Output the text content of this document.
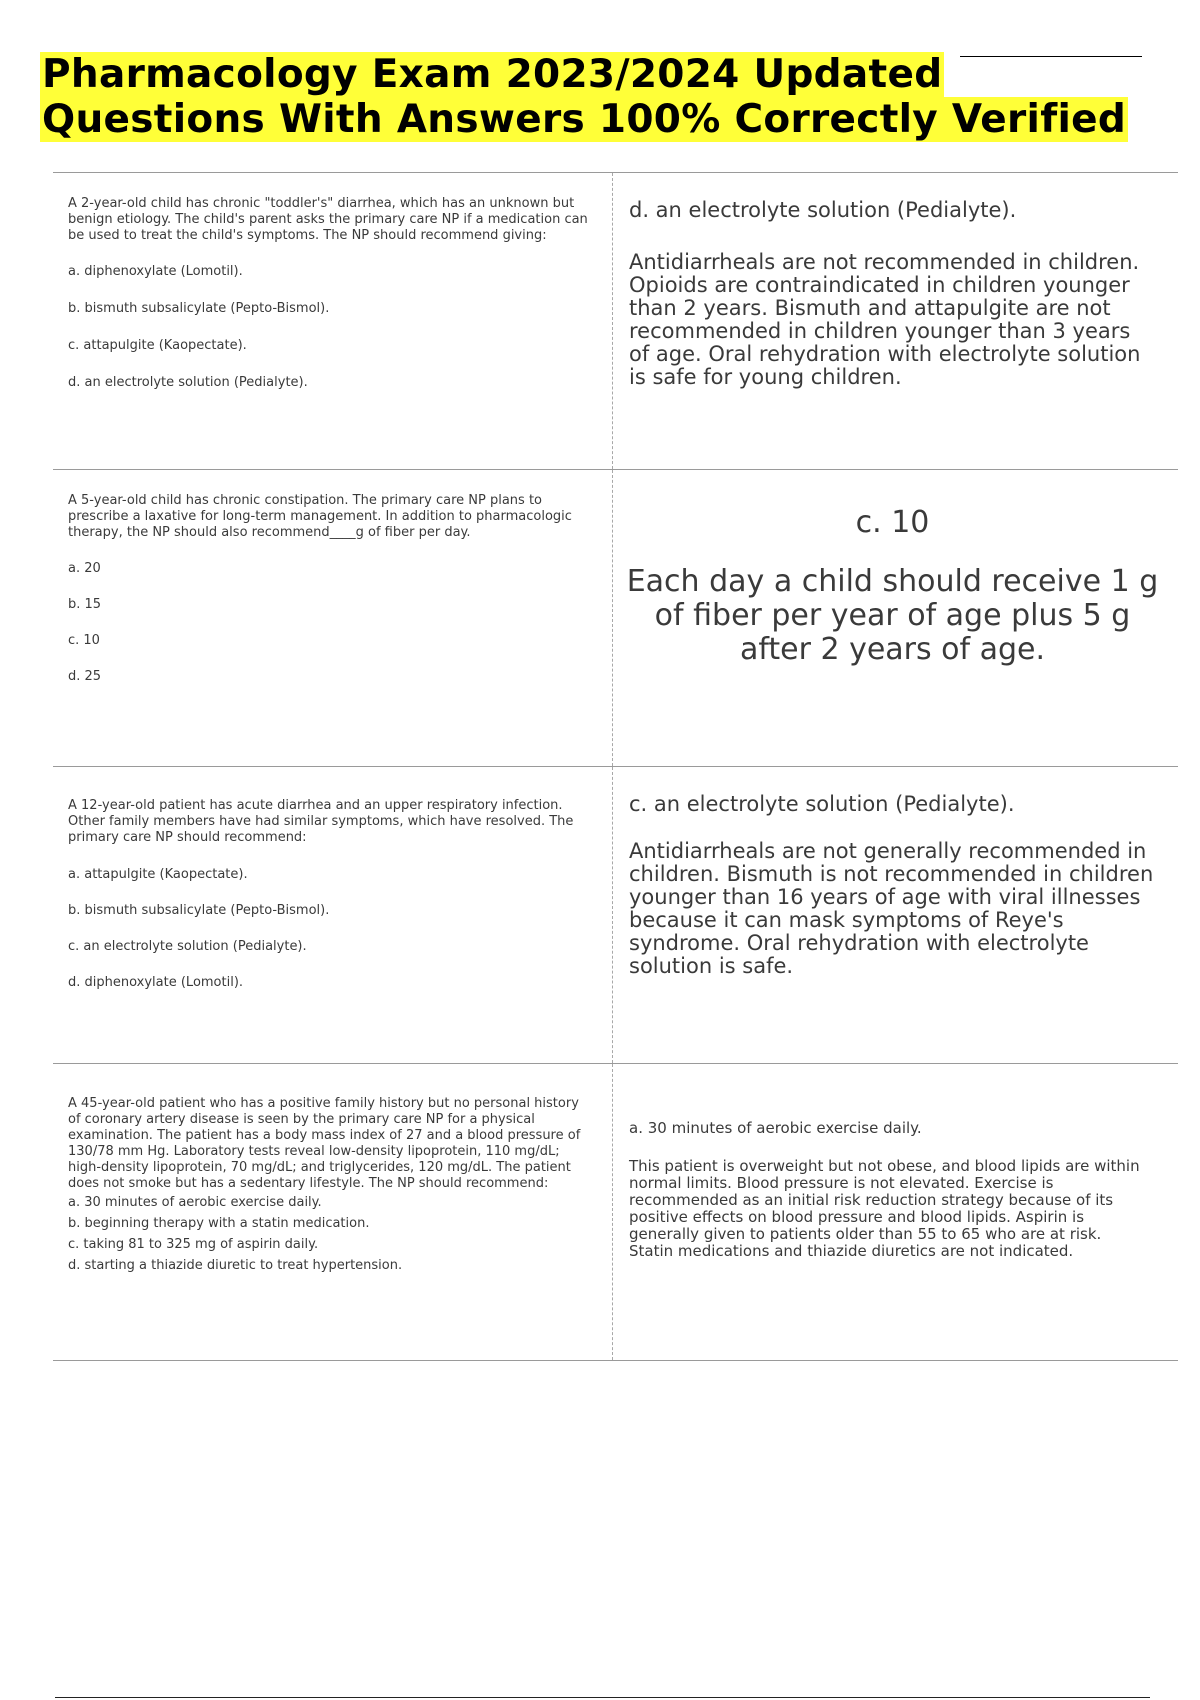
Pharmacology Exam 2023/2024 Updated
Questions With Answers 100% Correctly Verified

A 2-year-old child has chronic "toddler's" diarrhea, which has an unknown but benign etiology. The child's parent asks the primary care NP if a medication can be used to treat the child's symptoms. The NP should recommend giving:

a. diphenoxylate (Lomotil).
b. bismuth subsalicylate (Pepto-Bismol).
c. attapulgite (Kaopectate).
d. an electrolyte solution (Pedialyte).

d. an electrolyte solution (Pedialyte).

Antidiarrheals are not recommended in children. Opioids are contraindicated in children younger than 2 years. Bismuth and attapulgite are not recommended in children younger than 3 years of age. Oral rehydration with electrolyte solution is safe for young children.

A 5-year-old child has chronic constipation. The primary care NP plans to prescribe a laxative for long-term management. In addition to pharmacologic therapy, the NP should also recommend____g of fiber per day.

a. 20
b. 15
c. 10
d. 25

c. 10

Each day a child should receive 1 g of fiber per year of age plus 5 g after 2 years of age.

A 12-year-old patient has acute diarrhea and an upper respiratory infection. Other family members have had similar symptoms, which have resolved. The primary care NP should recommend:

a. attapulgite (Kaopectate).
b. bismuth subsalicylate (Pepto-Bismol).
c. an electrolyte solution (Pedialyte).
d. diphenoxylate (Lomotil).

c. an electrolyte solution (Pedialyte).

Antidiarrheals are not generally recommended in children. Bismuth is not recommended in children younger than 16 years of age with viral illnesses because it can mask symptoms of Reye's syndrome. Oral rehydration with electrolyte solution is safe.

A 45-year-old patient who has a positive family history but no personal history of coronary artery disease is seen by the primary care NP for a physical examination. The patient has a body mass index of 27 and a blood pressure of 130/78 mm Hg. Laboratory tests reveal low-density lipoprotein, 110 mg/dL; high-density lipoprotein, 70 mg/dL; and triglycerides, 120 mg/dL. The patient does not smoke but has a sedentary lifestyle. The NP should recommend:

a. 30 minutes of aerobic exercise daily.
b. beginning therapy with a statin medication.
c. taking 81 to 325 mg of aspirin daily.
d. starting a thiazide diuretic to treat hypertension.

a. 30 minutes of aerobic exercise daily.

This patient is overweight but not obese, and blood lipids are within normal limits. Blood pressure is not elevated. Exercise is recommended as an initial risk reduction strategy because of its positive effects on blood pressure and blood lipids. Aspirin is generally given to patients older than 55 to 65 who are at risk. Statin medications and thiazide diuretics are not indicated.
